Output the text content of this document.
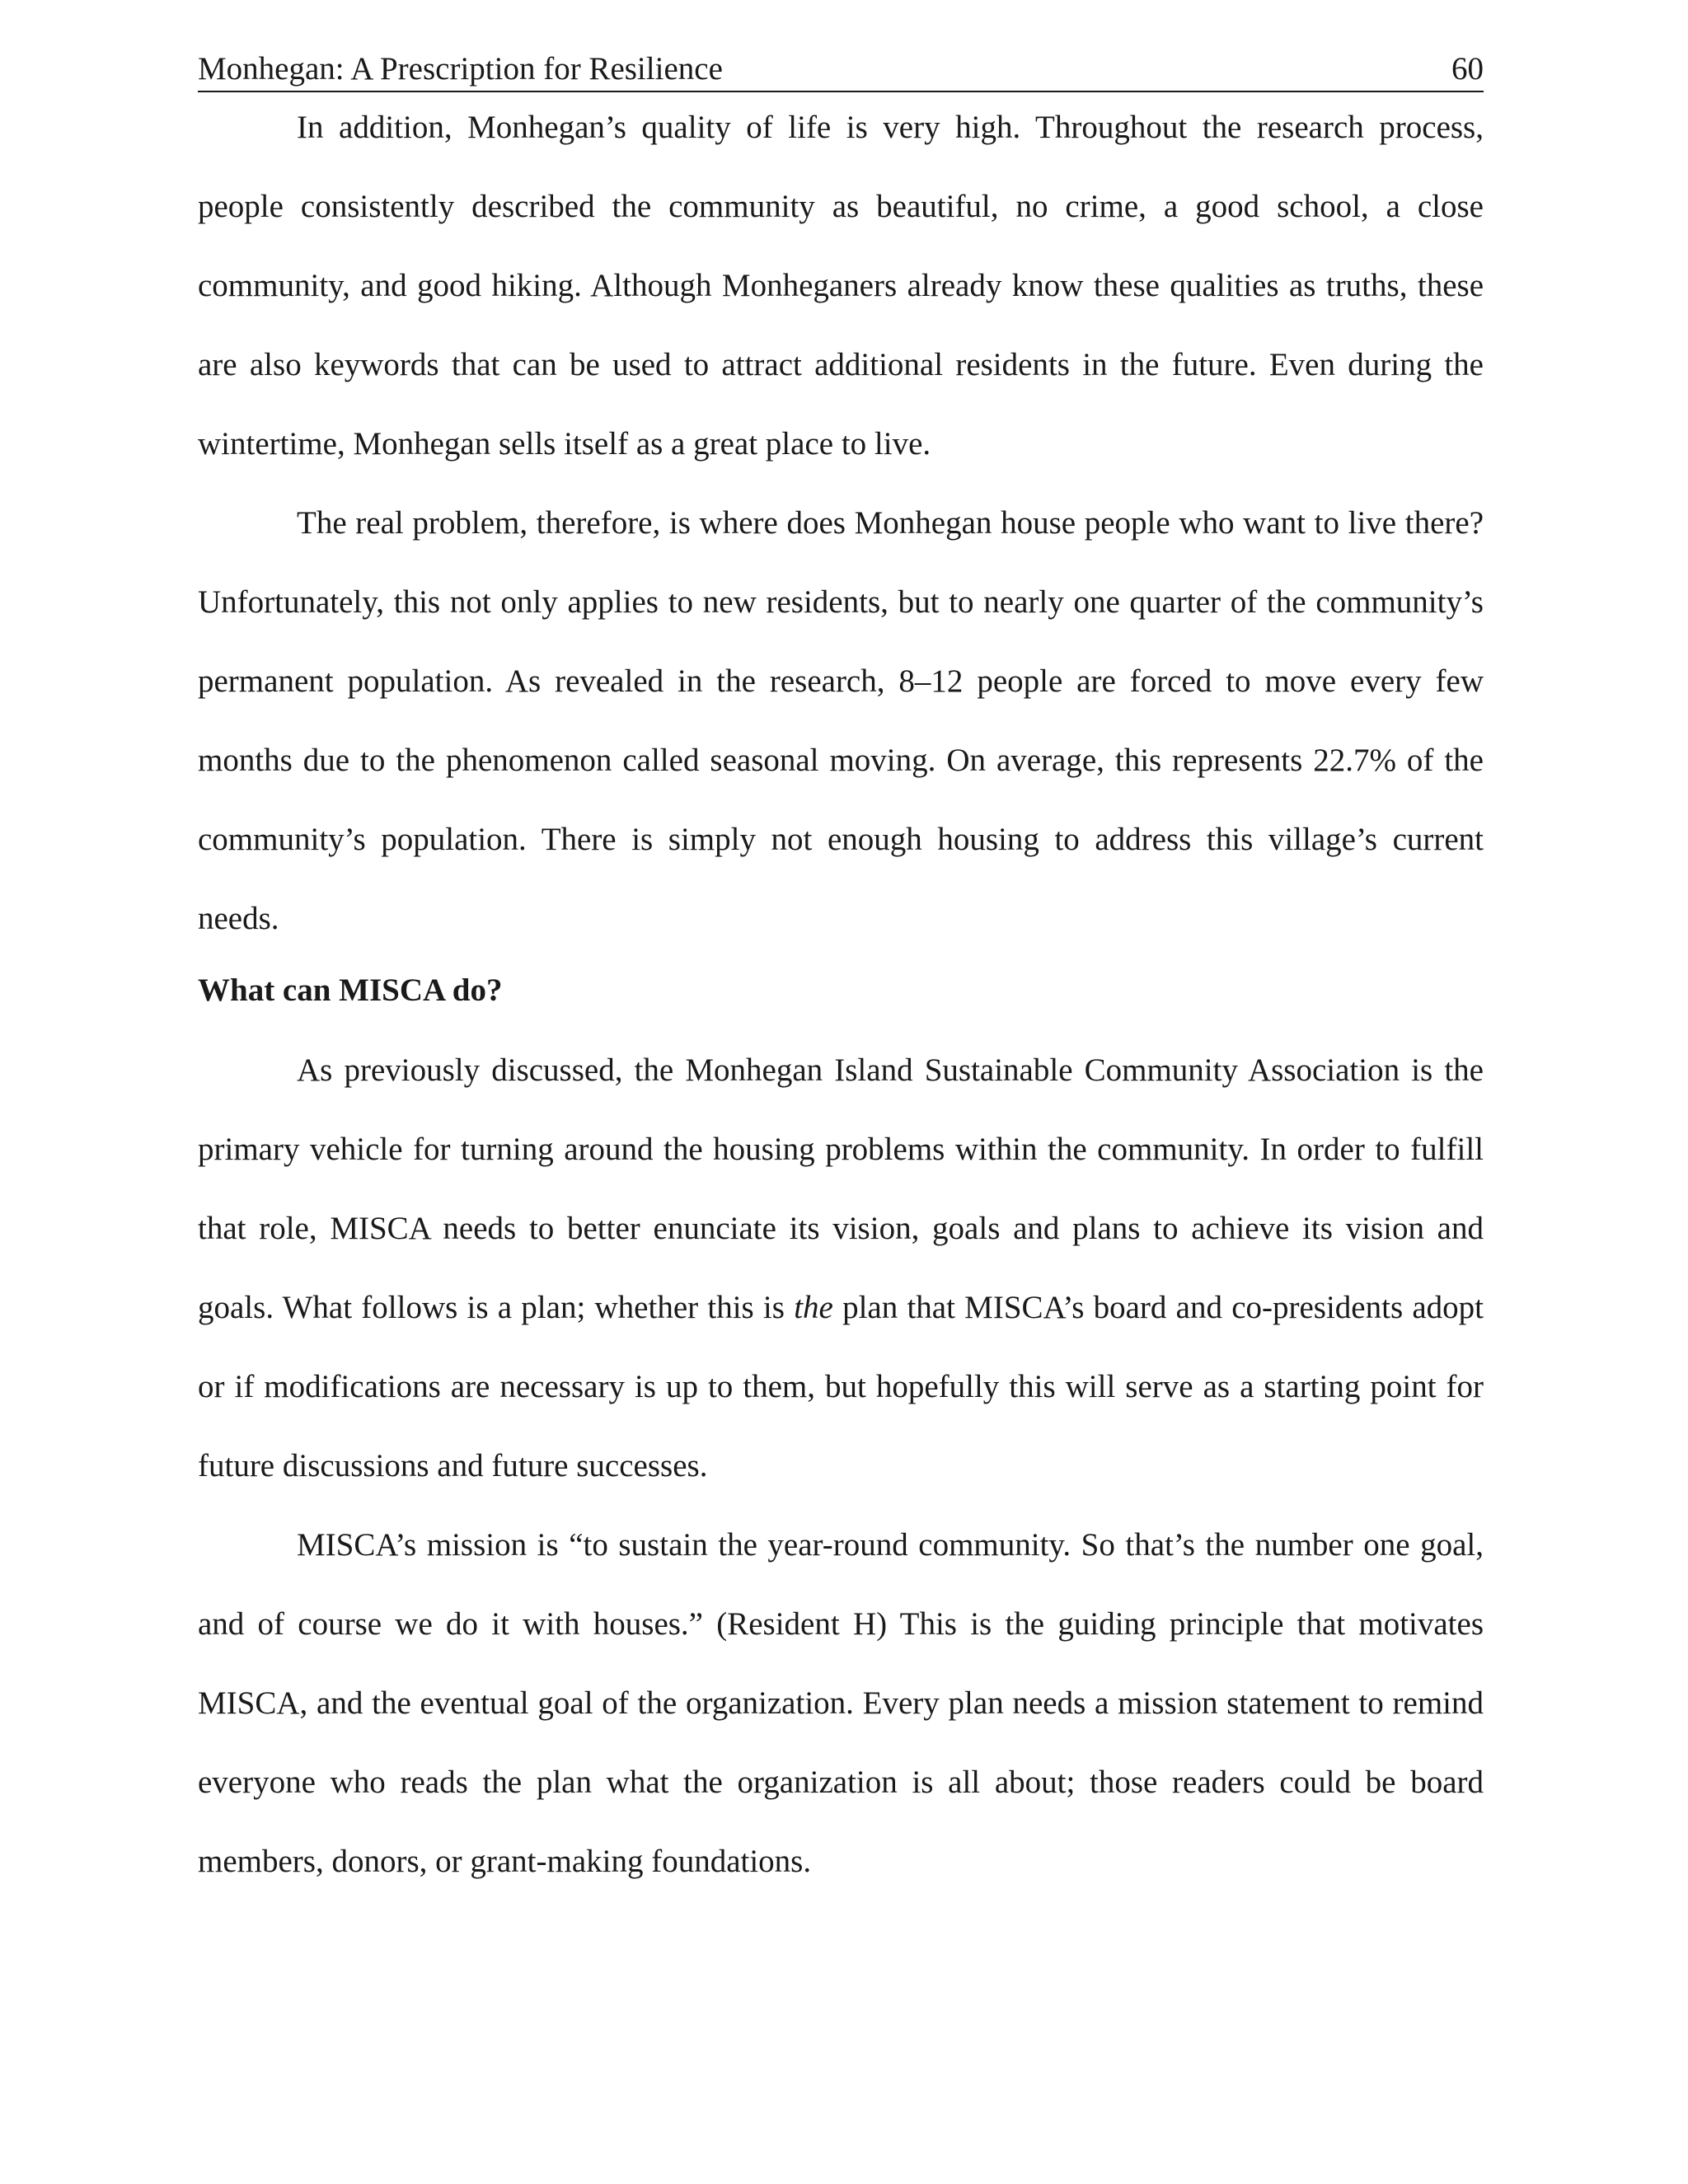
Monhegan: A Prescription for Resilience	60

In addition, Monhegan’s quality of life is very high. Throughout the research process, people consistently described the community as beautiful, no crime, a good school, a close community, and good hiking. Although Monheganers already know these qualities as truths, these are also keywords that can be used to attract additional residents in the future. Even during the wintertime, Monhegan sells itself as a great place to live.

The real problem, therefore, is where does Monhegan house people who want to live there? Unfortunately, this not only applies to new residents, but to nearly one quarter of the community’s permanent population. As revealed in the research, 8–12 people are forced to move every few months due to the phenomenon called seasonal moving. On average, this represents 22.7% of the community’s population. There is simply not enough housing to address this village’s current needs.

What can MISCA do?

As previously discussed, the Monhegan Island Sustainable Community Association is the primary vehicle for turning around the housing problems within the community. In order to fulfill that role, MISCA needs to better enunciate its vision, goals and plans to achieve its vision and goals. What follows is a plan; whether this is the plan that MISCA’s board and co-presidents adopt or if modifications are necessary is up to them, but hopefully this will serve as a starting point for future discussions and future successes.

MISCA’s mission is “to sustain the year-round community. So that’s the number one goal, and of course we do it with houses.” (Resident H) This is the guiding principle that motivates MISCA, and the eventual goal of the organization. Every plan needs a mission statement to remind everyone who reads the plan what the organization is all about; those readers could be board members, donors, or grant-making foundations.
